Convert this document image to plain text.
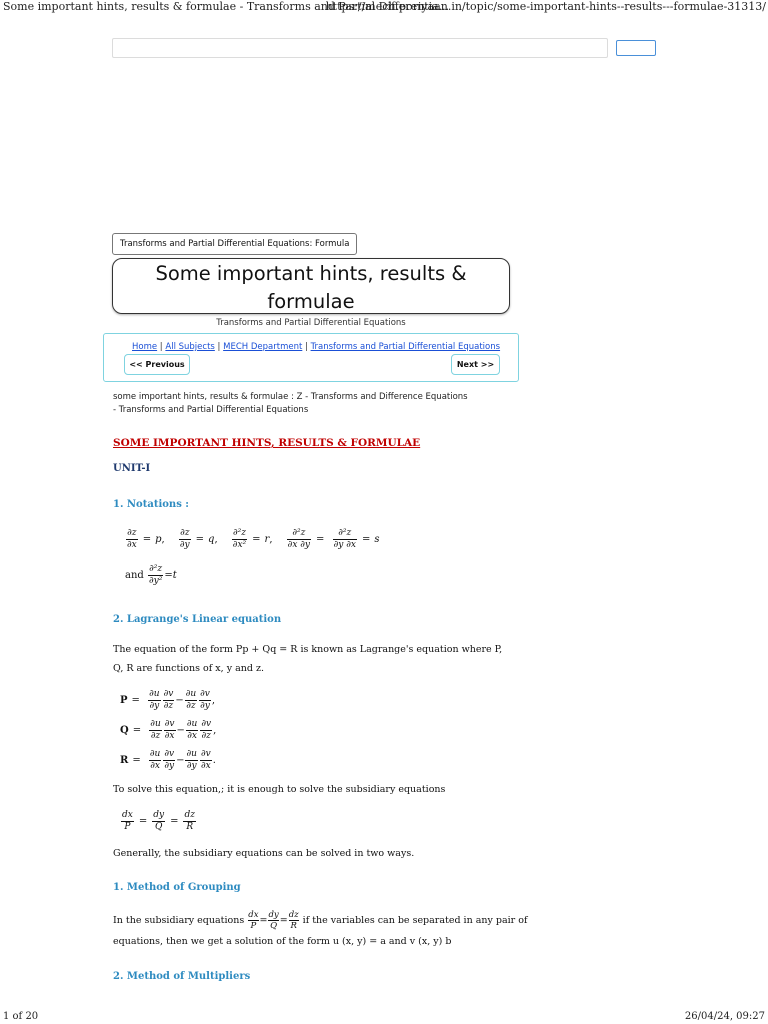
Some important hints, results & formulae - Transforms and Partial Differentia...
https://mech.poriyaan.in/topic/some-important-hints--results---formulae-31313/
Transforms and Partial Differential Equations: Formula
Some important hints, results & formulae
Transforms and Partial Differential Equations
Home | All Subjects | MECH Department | Transforms and Partial Differential Equations
<< Previous	Next >>
some important hints, results & formulae : Z - Transforms and Difference Equations - Transforms and Partial Differential Equations
SOME IMPORTANT HINTS, RESULTS & FORMULAE
UNIT-I
1. Notations :
$\frac{\partial z}{\partial x} = p$, $\frac{\partial z}{\partial y} = q$, $\frac{\text{∂²z}}{\text{∂x²}} = r$, $\frac{\text{∂²z}}{\partial x \partial y} = \frac{\text{∂²z}}{\partial y \partial x} = s$
and $\frac{\text{∂²z}}{\text{∂y²}} =t$
2. Lagrange's Linear equation
The equation of the form Pp + Qq = R is known as Lagrange's equation where P, Q, R are functions of x, y and z.
$P = \frac{\partial u}{\partial y} \frac{\partial v}{\partial z} - \frac{\partial u}{\partial z} \frac{\partial v}{\partial y}$ ,
$Q = \frac{\partial u}{\partial z} \frac{\partial v}{\partial x} - \frac{\partial u}{\partial x} \frac{\partial v}{\partial z}$ ,
$R = \frac{\partial u}{\partial x} \frac{\partial v}{\partial y} - \frac{\partial u}{\partial y} \frac{\partial v}{\partial x}$ .
To solve this equation,; it is enough to solve the subsidiary equations
$\frac{dx}{P} = \frac{dy}{Q} = \frac{dz}{R}$
Generally, the subsidiary equations can be solved in two ways.
1. Method of Grouping
In the subsidiary equations $\frac{dx}{P} = \frac{dy}{Q} = \frac{dz}{R}$ if the variables can be separated in any pair of
equations, then we get a solution of the form u (x, y) = a and v (x, y) b
2. Method of Multipliers
1 of 20	26/04/24, 09:27
